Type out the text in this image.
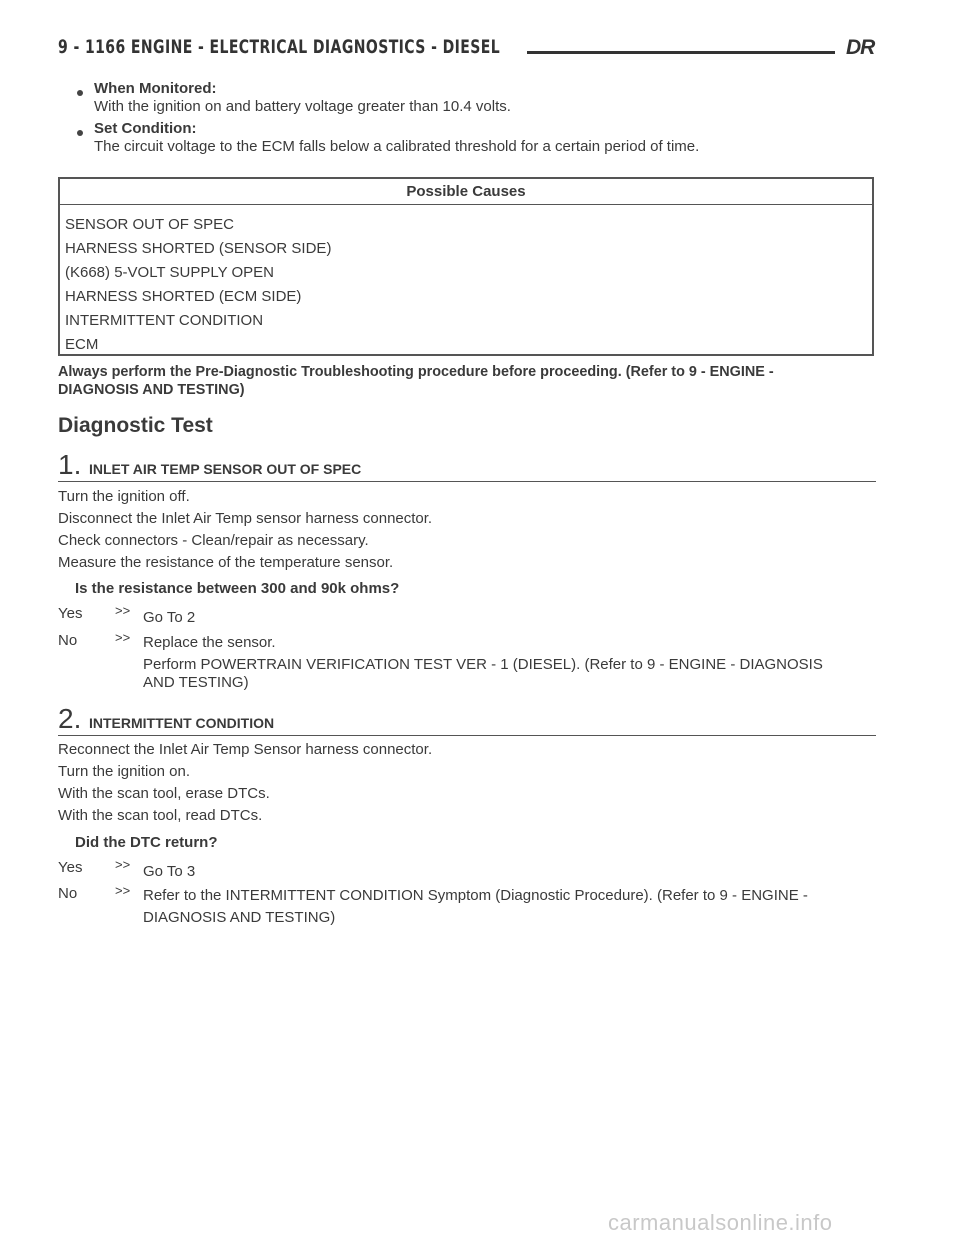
9 - 1166 ENGINE - ELECTRICAL DIAGNOSTICS - DIESEL	DR
When Monitored:
With the ignition on and battery voltage greater than 10.4 volts.
Set Condition:
The circuit voltage to the ECM falls below a calibrated threshold for a certain period of time.
Possible Causes
SENSOR OUT OF SPEC
HARNESS SHORTED (SENSOR SIDE)
(K668) 5-VOLT SUPPLY OPEN
HARNESS SHORTED (ECM SIDE)
INTERMITTENT CONDITION
ECM
Always perform the Pre-Diagnostic Troubleshooting procedure before proceeding. (Refer to 9 - ENGINE -
DIAGNOSIS AND TESTING)
Diagnostic Test
1. INLET AIR TEMP SENSOR OUT OF SPEC
Turn the ignition off.
Disconnect the Inlet Air Temp sensor harness connector.
Check connectors - Clean/repair as necessary.
Measure the resistance of the temperature sensor.
Is the resistance between 300 and 90k ohms?
Yes	>> Go To 2
No	>> Replace the sensor.
Perform POWERTRAIN VERIFICATION TEST VER - 1 (DIESEL). (Refer to 9 - ENGINE - DIAGNOSIS
AND TESTING)
2. INTERMITTENT CONDITION
Reconnect the Inlet Air Temp Sensor harness connector.
Turn the ignition on.
With the scan tool, erase DTCs.
With the scan tool, read DTCs.
Did the DTC return?
Yes	>> Go To 3
No	>> Refer to the INTERMITTENT CONDITION Symptom (Diagnostic Procedure). (Refer to 9 - ENGINE -
DIAGNOSIS AND TESTING)
carmanualsonline.info
